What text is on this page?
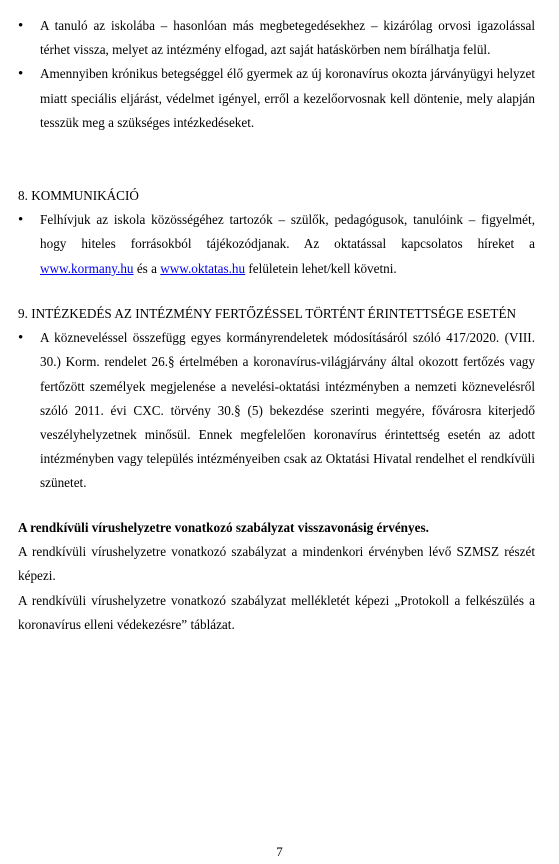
• A tanuló az iskolába – hasonlóan más megbetegedésekhez – kizárólag orvosi igazolással térhet vissza, melyet az intézmény elfogad, azt saját hatáskörben nem bírálhatja felül.
• Amennyiben krónikus betegséggel élő gyermek az új koronavírus okozta járványügyi helyzet miatt speciális eljárást, védelmet igényel, erről a kezelőorvosnak kell döntenie, mely alapján tesszük meg a szükséges intézkedéseket.
8. KOMMUNIKÁCIÓ
• Felhívjuk az iskola közösségéhez tartozók – szülők, pedagógusok, tanulóink – figyelmét, hogy hiteles forrásokból tájékozódjanak. Az oktatással kapcsolatos híreket a www.kormany.hu és a www.oktatas.hu felületein lehet/kell követni.
9. INTÉZKEDÉS AZ INTÉZMÉNY FERTŐZÉSSEL TÖRTÉNT ÉRINTETTSÉGE ESETÉN
• A közneveléssel összefügg egyes kormányrendeletek módosításáról szóló 417/2020. (VIII. 30.) Korm. rendelet 26.§ értelmében a koronavírus-világjárvány által okozott fertőzés vagy fertőzött személyek megjelenése a nevelési-oktatási intézményben a nemzeti köznevelésről szóló 2011. évi CXC. törvény 30.§ (5) bekezdése szerinti megyére, fővárosra kiterjedő veszélyhelyzetnek minősül. Ennek megfelelően koronavírus érintettség esetén az adott intézményben vagy település intézményeiben csak az Oktatási Hivatal rendelhet el rendkívüli szünetet.

A rendkívüli vírushelyzetre vonatkozó szabályzat visszavonásig érvényes.

A rendkívüli vírushelyzetre vonatkozó szabályzat a mindenkori érvényben lévő SZMSZ részét képezi.

A rendkívüli vírushelyzetre vonatkozó szabályzat mellékletét képezi „Protokoll a felkészülés a koronavírus elleni védekezésre” táblázat.

7
